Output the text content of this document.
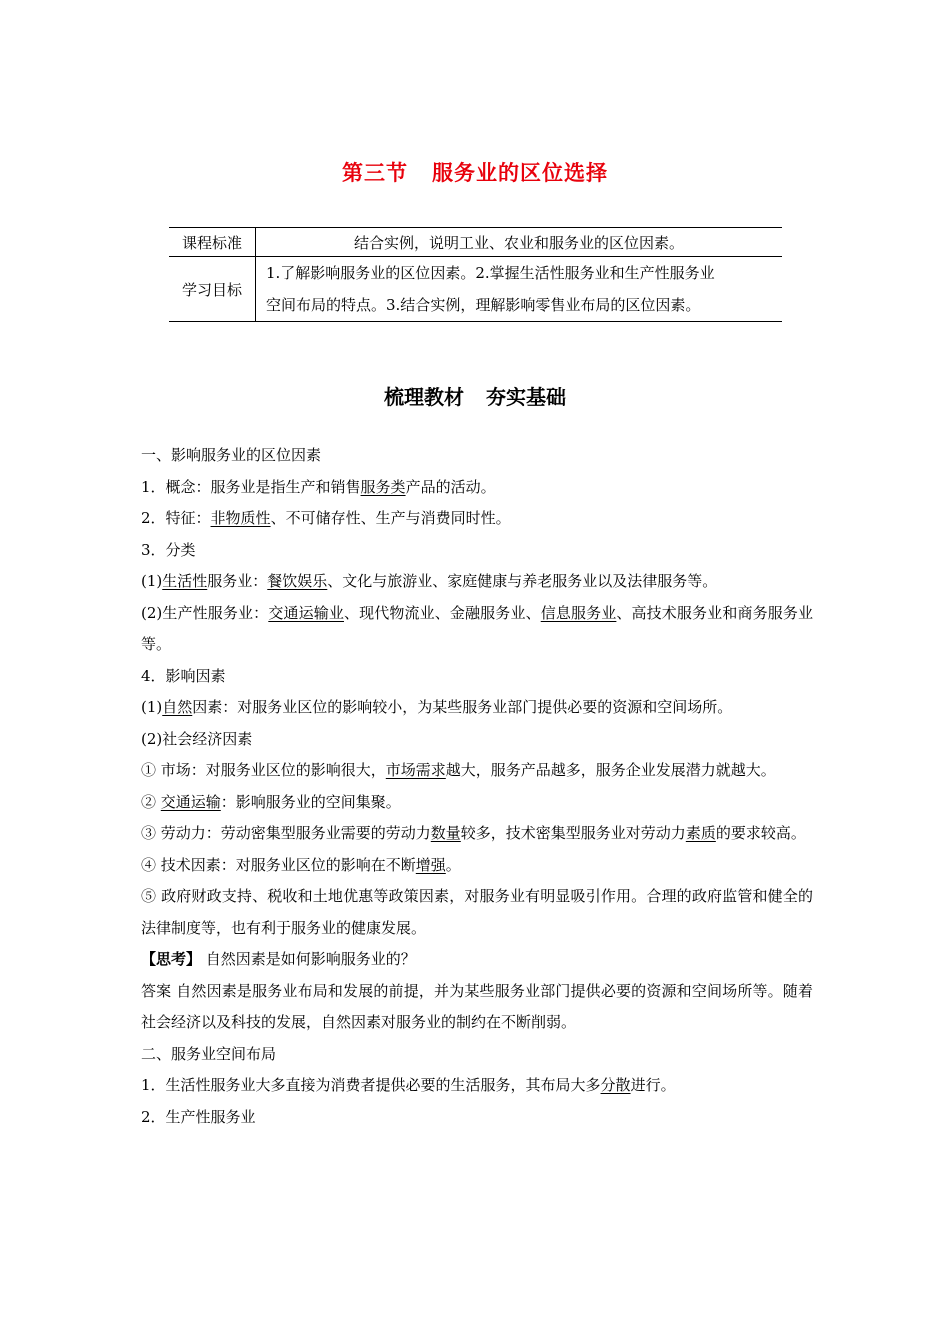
第三节 服务业的区位选择
课程标准	结合实例，说明工业、农业和服务业的区位因素。
学习目标	1.了解影响服务业的区位因素。2.掌握生活性服务业和生产性服务业
空间布局的特点。3.结合实例，理解影响零售业布局的区位因素。
梳理教材 夯实基础

一、影响服务业的区位因素

1．概念：服务业是指生产和销售服务类产品的活动。

2．特征：非物质性、不可储存性、生产与消费同时性。

3．分类

(1)生活性服务业：餐饮娱乐、文化与旅游业、家庭健康与养老服务业以及法律服务等。

(2)生产性服务业：交通运输业、现代物流业、金融服务业、信息服务业、高技术服务业和商务服务业等。

4．影响因素

(1)自然因素：对服务业区位的影响较小，为某些服务业部门提供必要的资源和空间场所。

(2)社会经济因素

① 市场：对服务业区位的影响很大，市场需求越大，服务产品越多，服务企业发展潜力就越大。

② 交通运输：影响服务业的空间集聚。

③ 劳动力：劳动密集型服务业需要的劳动力数量较多，技术密集型服务业对劳动力素质的要求较高。

④ 技术因素：对服务业区位的影响在不断增强。

⑤ 政府财政支持、税收和土地优惠等政策因素，对服务业有明显吸引作用。合理的政府监管和健全的法律制度等，也有利于服务业的健康发展。

【思考】 自然因素是如何影响服务业的？

答案 自然因素是服务业布局和发展的前提，并为某些服务业部门提供必要的资源和空间场所等。随着社会经济以及科技的发展，自然因素对服务业的制约在不断削弱。

二、服务业空间布局

1．生活性服务业大多直接为消费者提供必要的生活服务，其布局大多分散进行。

2．生产性服务业
